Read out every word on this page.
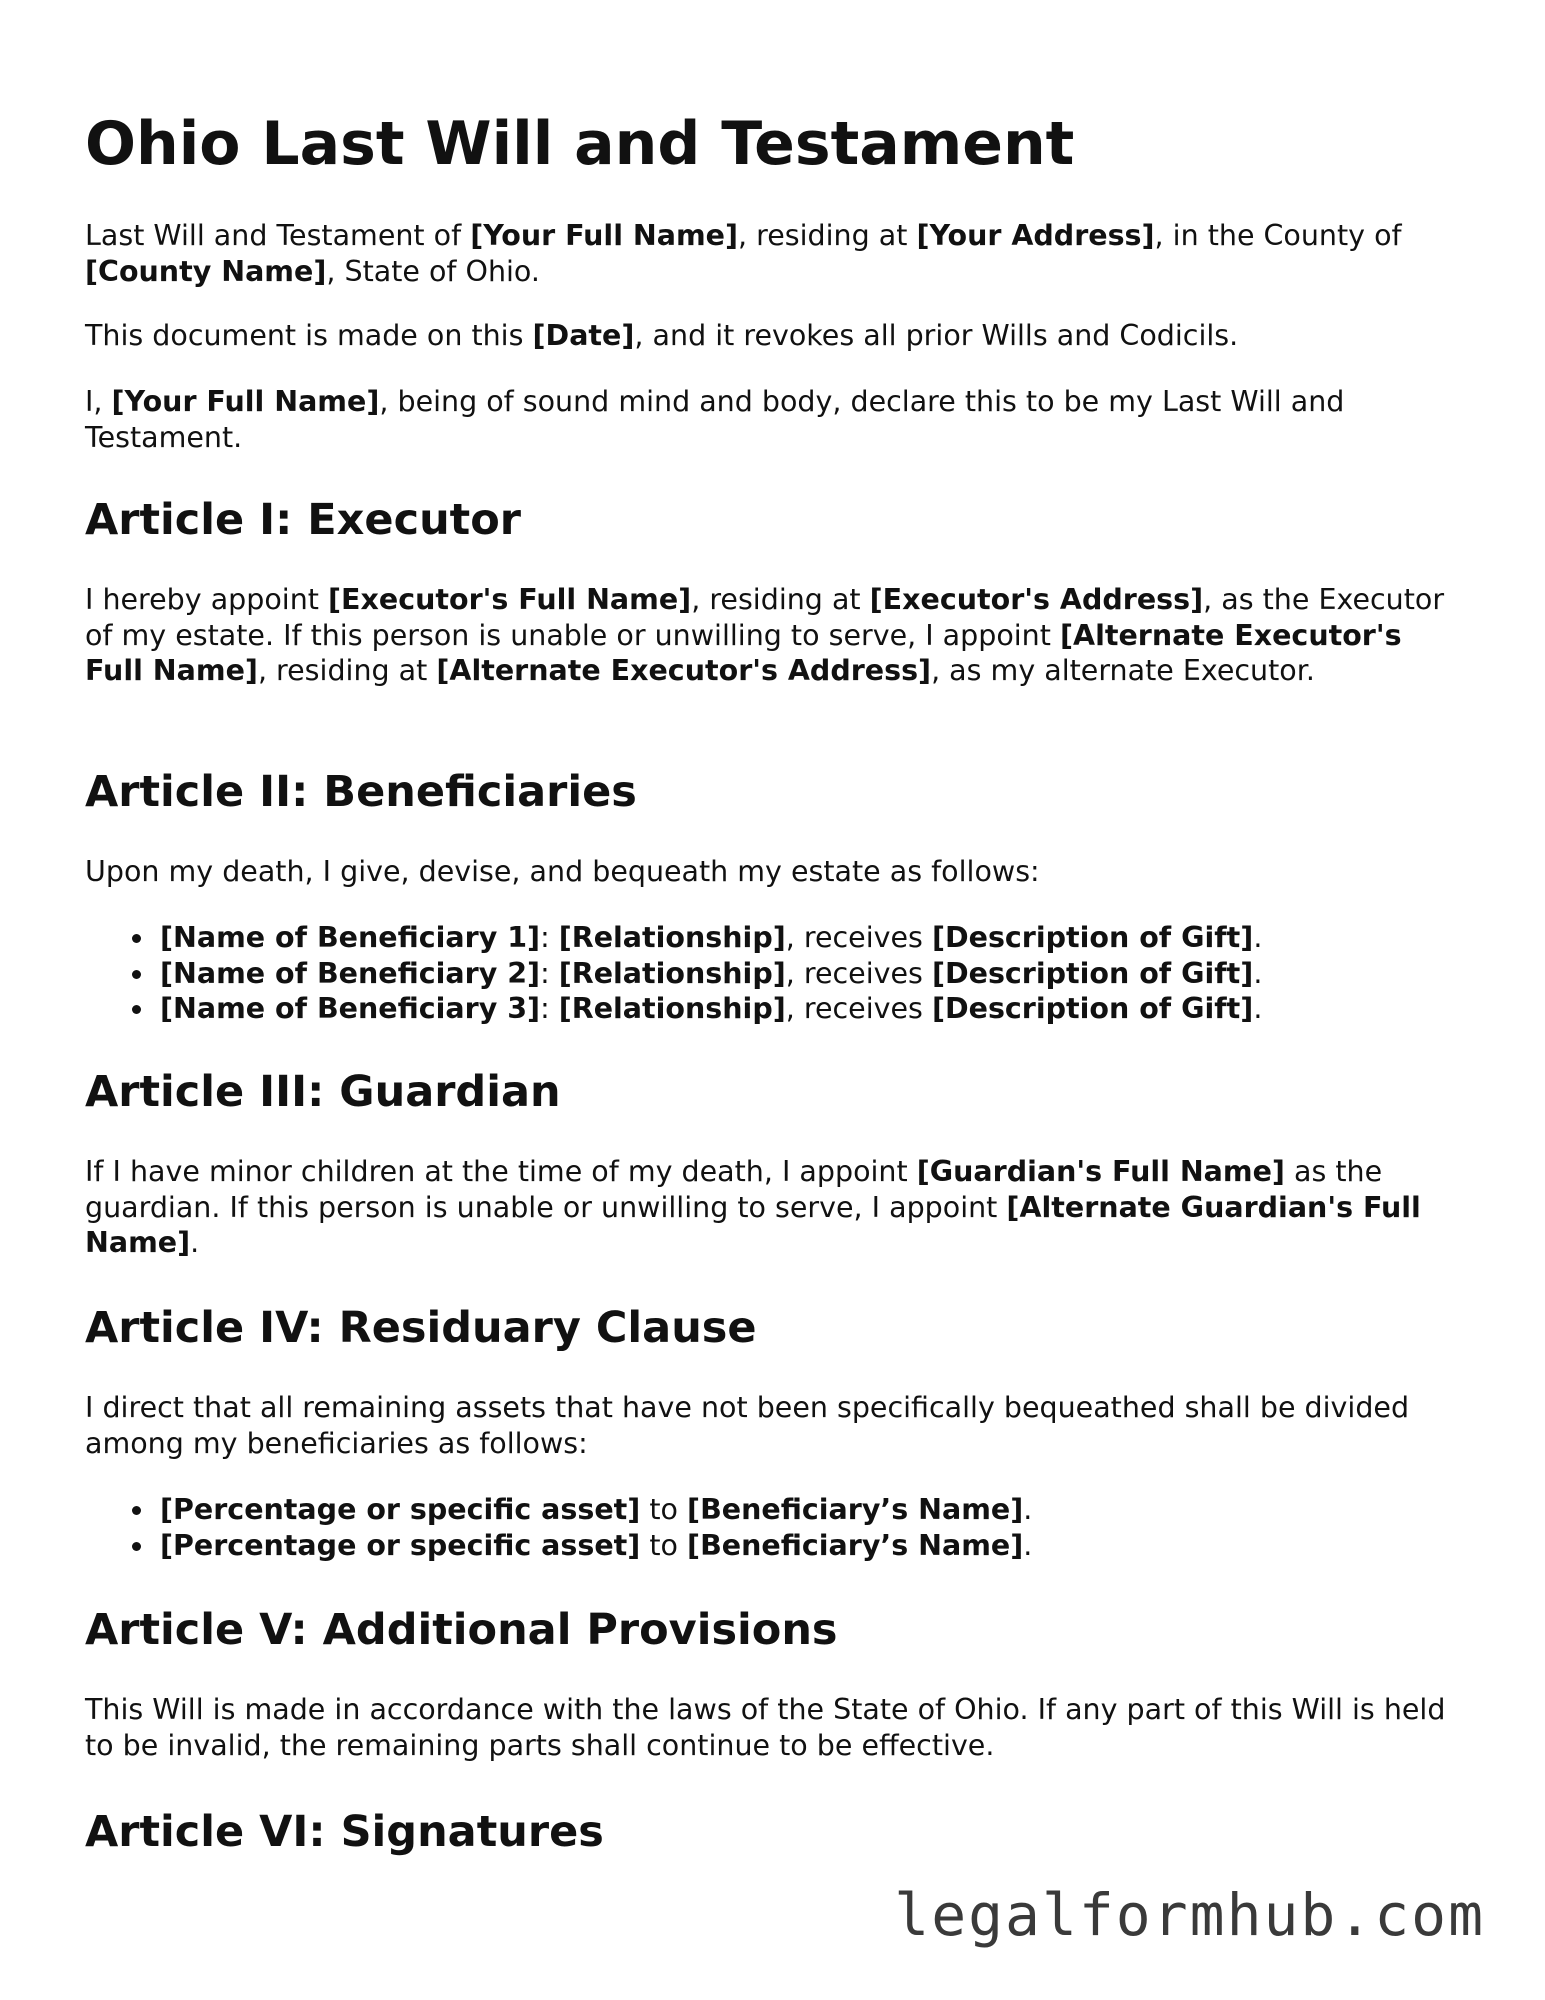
Ohio Last Will and Testament

Last Will and Testament of [Your Full Name], residing at [Your Address], in the County of [County Name], State of Ohio.

This document is made on this [Date], and it revokes all prior Wills and Codicils.

I, [Your Full Name], being of sound mind and body, declare this to be my Last Will and Testament.

Article I: Executor

I hereby appoint [Executor's Full Name], residing at [Executor's Address], as the Executor of my estate. If this person is unable or unwilling to serve, I appoint [Alternate Executor's Full Name], residing at [Alternate Executor's Address], as my alternate Executor.

Article II: Beneficiaries

Upon my death, I give, devise, and bequeath my estate as follows:

[Name of Beneficiary 1]: [Relationship], receives [Description of Gift].
[Name of Beneficiary 2]: [Relationship], receives [Description of Gift].
[Name of Beneficiary 3]: [Relationship], receives [Description of Gift].
Article III: Guardian

If I have minor children at the time of my death, I appoint [Guardian's Full Name] as the guardian. If this person is unable or unwilling to serve, I appoint [Alternate Guardian's Full Name].

Article IV: Residuary Clause

I direct that all remaining assets that have not been specifically bequeathed shall be divided among my beneficiaries as follows:

[Percentage or specific asset] to [Beneficiary’s Name].
[Percentage or specific asset] to [Beneficiary’s Name].
Article V: Additional Provisions

This Will is made in accordance with the laws of the State of Ohio. If any part of this Will is held to be invalid, the remaining parts shall continue to be effective.

Article VI: Signatures
legalformhub.com
